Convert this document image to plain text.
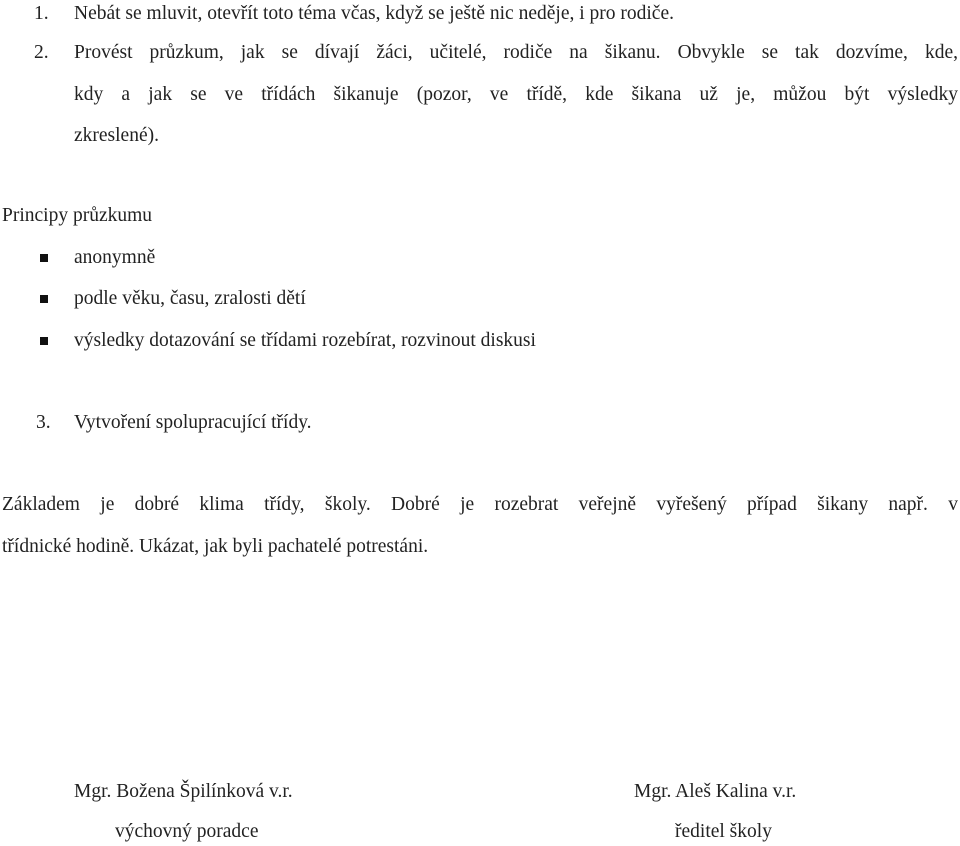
1. Nebát se mluvit, otevřít toto téma včas, když se ještě nic neděje, i pro rodiče.
2. Provést průzkum, jak se dívají žáci, učitelé, rodiče na šikanu. Obvykle se tak dozvíme, kde,
kdy a jak se ve třídách šikanuje (pozor, ve třídě, kde šikana už je, můžou být výsledky
zkreslené).
Principy průzkumu
anonymně
podle věku, času, zralosti dětí
výsledky dotazování se třídami rozebírat, rozvinout diskusi
3. Vytvoření spolupracující třídy.
Základem je dobré klima třídy, školy. Dobré je rozebrat veřejně vyřešený případ šikany např. v
třídnické hodině. Ukázat, jak byli pachatelé potrestáni.
Mgr. Božena Špilínková v.r.
výchovný poradce
Mgr. Aleš Kalina v.r.
ředitel školy
